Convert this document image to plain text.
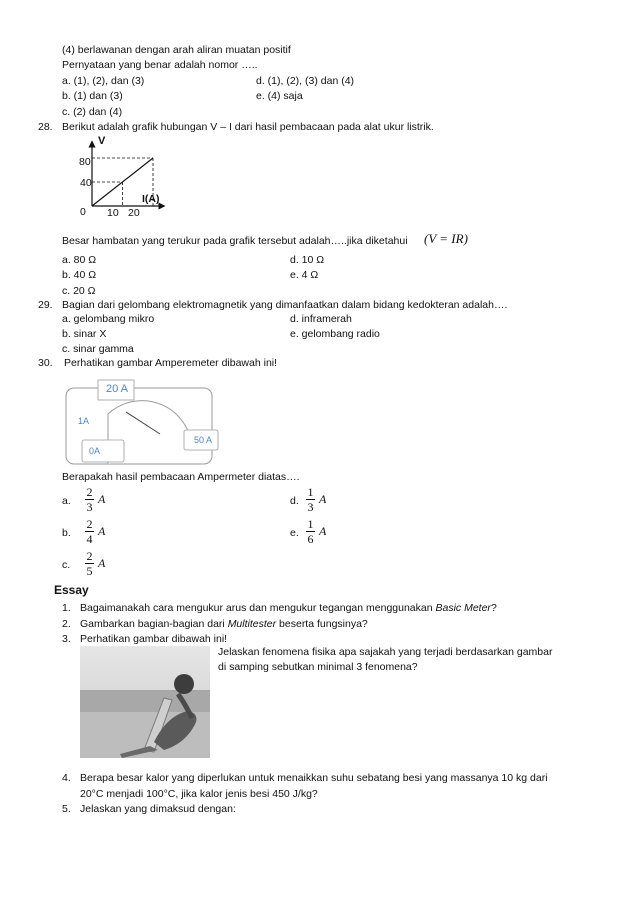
(4) berlawanan dengan arah aliran muatan positif
Pernyataan yang benar adalah nomor …..
a. (1), (2), dan (3)	d. (1), (2), (3) dan (4)
b. (1) dan (3)	e. (4) saja
c. (2) dan (4)
28. Berikut adalah grafik hubungan V – I dari hasil pembacaan pada alat ukur listrik.
V
80
40
0 10 20
I(A)
Besar hambatan yang terukur pada grafik tersebut adalah…..jika diketahui (V = IR)
a. 80 Ω	d. 10 Ω
b. 40 Ω	e. 4 Ω
c. 20 Ω
29. Bagian dari gelombang elektromagnetik yang dimanfaatkan dalam bidang kedokteran adalah….
a. gelombang mikro	d. inframerah
b. sinar X	e. gelombang radio
c. sinar gamma
30. Perhatikan gambar Amperemeter dibawah ini!
20 A
1A
0A
50 A
Berapakah hasil pembacaan Ampermeter diatas….
a.
2
3
A	d.
1
3
A
b.
2
4
A	e.
1
6
A
c.
2
5
A
Essay
1. Bagaimanakah cara mengukur arus dan mengukur tegangan menggunakan Basic Meter?
2. Gambarkan bagian-bagian dari Multitester beserta fungsinya?
3. Perhatikan gambar dibawah ini!
Jelaskan fenomena fisika apa sajakah yang terjadi berdasarkan gambar
di samping sebutkan minimal 3 fenomena?
4. Berapa besar kalor yang diperlukan untuk menaikkan suhu sebatang besi yang massanya 10 kg dari
20°C menjadi 100°C, jika kalor jenis besi 450 J/kg?
5. Jelaskan yang dimaksud dengan:
